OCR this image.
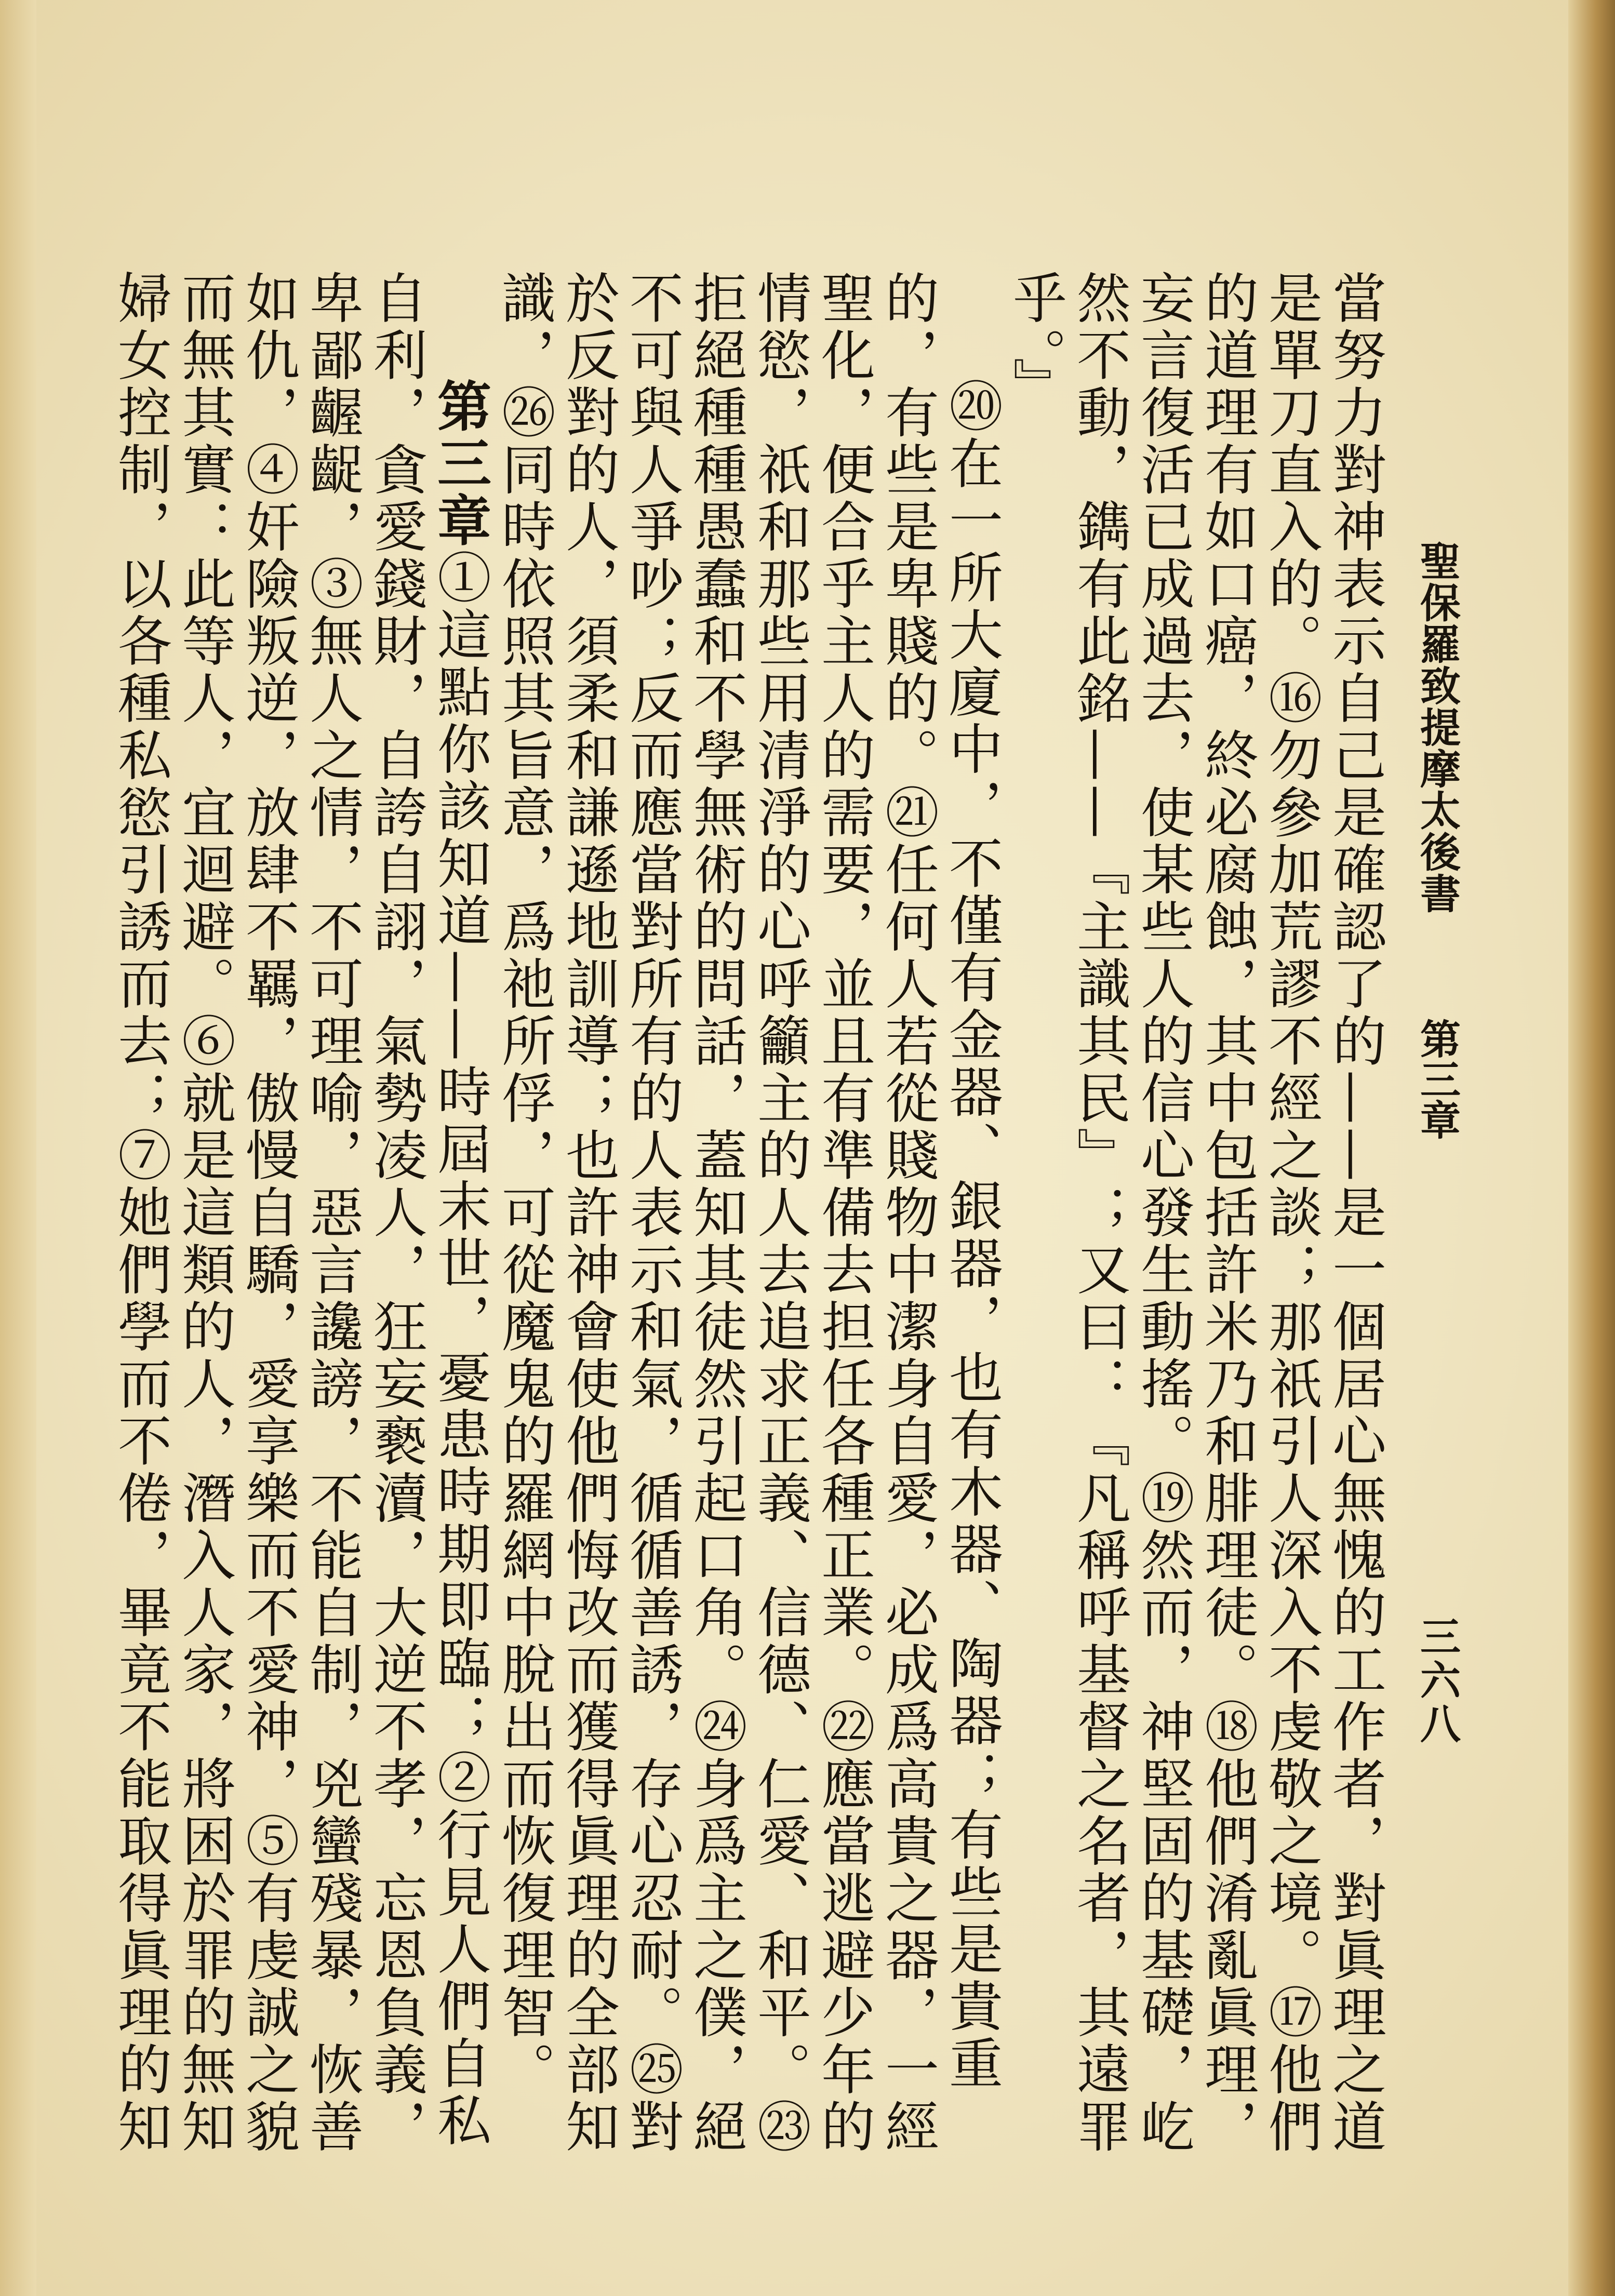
聖保羅致提摩太後書
第三章
三六八

當努力對神表示自己是確認了的——是一個居心無愧的工作者，對眞理之道是單刀直入的。⑯勿參加荒謬不經之談；那祇引人深入不虔敬之境。⑰他們的道理有如口癌，終必腐蝕，其中包括許米乃和腓理徒。⑱他們淆亂眞理，妄言復活已成過去，使某些人的信心發生動搖。⑲然而，神堅固的基礎，屹然不動，鐫有此銘——『主識其民』；又曰：『凡稱呼基督之名者，其遠罪乎。』

⑳在一所大廈中，不僅有金器、銀器，也有木器、陶器；有些是貴重的，有些是卑賤的。㉑任何人若從賤物中潔身自愛，必成爲高貴之器，一經聖化，便合乎主人的需要，並且有準備去担任各種正業。㉒應當逃避少年的情慾，祇和那些用清淨的心呼籲主的人去追求正義、信德、仁愛、和平。㉓拒絕種種愚蠢和不學無術的問話，蓋知其徒然引起口角。㉔身爲主之僕，絕不可與人爭吵；反而應當對所有的人表示和氣，循循善誘，存心忍耐。㉕對於反對的人，須柔和謙遜地訓導；也許神會使他們悔改而獲得眞理的全部知識，㉖同時依照其旨意，爲祂所俘，可從魔鬼的羅網中脫出而恢復理智。

第三章①這點你該知道——時屆末世，憂患時期即臨；②行見人們自私自利，貪愛錢財，自誇自詡，氣勢凌人，狂妄褻瀆，大逆不孝，忘恩負義，卑鄙齷齪，③無人之情，不可理喻，惡言讒謗，不能自制，兇蠻殘暴，恢善如仇，④奸險叛逆，放肆不羈，傲慢自驕，愛享樂而不愛神，⑤有虔誠之貌而無其實：此等人，宜迴避。⑥就是這類的人，潛入人家，將困於罪的無知婦女控制，以各種私慾引誘而去；⑦她們學而不倦，畢竟不能取得眞理的知
